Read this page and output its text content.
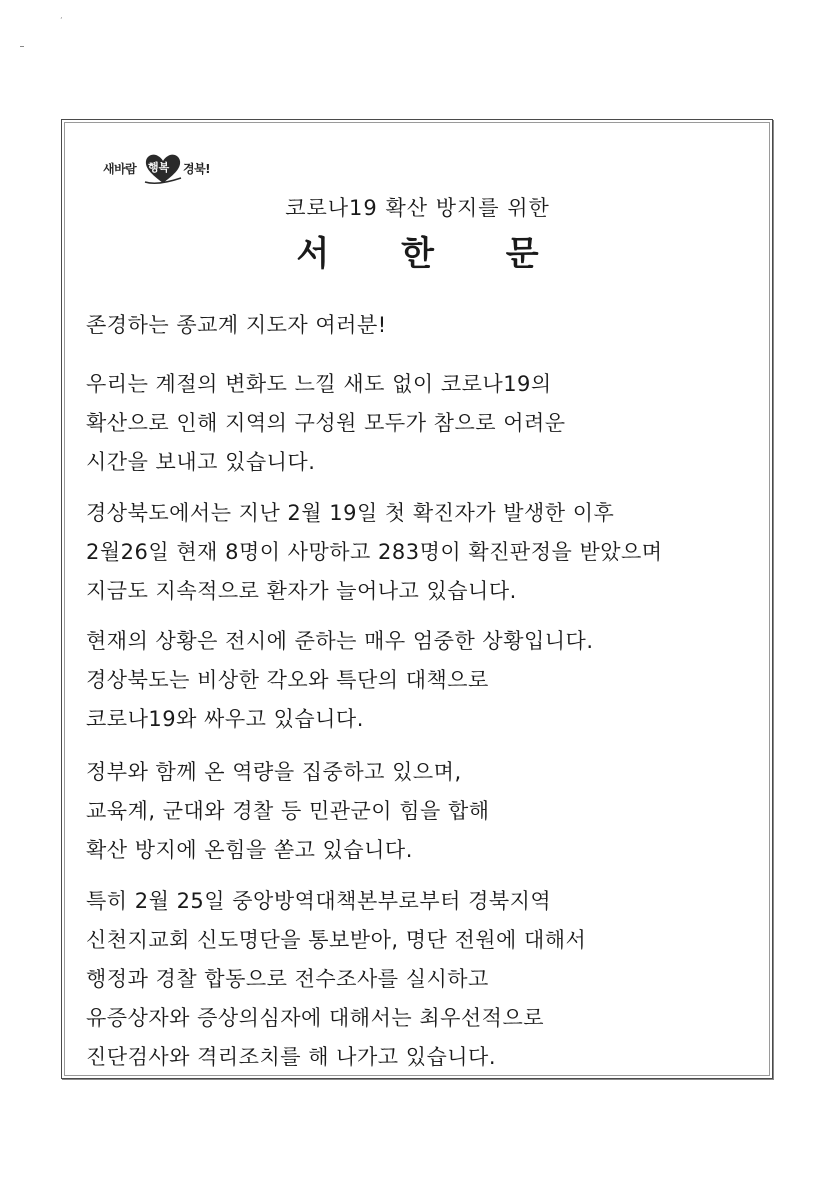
ʼ
새바람 행복 경북!
코로나19 확산 방지를 위한
서 한 문
존경하는 종교계 지도자 여러분!
우리는 계절의 변화도 느낄 새도 없이 코로나19의
확산으로 인해 지역의 구성원 모두가 참으로 어려운
시간을 보내고 있습니다.
경상북도에서는 지난 2월 19일 첫 확진자가 발생한 이후
2월26일 현재 8명이 사망하고 283명이 확진판정을 받았으며
지금도 지속적으로 환자가 늘어나고 있습니다.
현재의 상황은 전시에 준하는 매우 엄중한 상황입니다.
경상북도는 비상한 각오와 특단의 대책으로
코로나19와 싸우고 있습니다.
정부와 함께 온 역량을 집중하고 있으며,
교육계, 군대와 경찰 등 민관군이 힘을 합해
확산 방지에 온힘을 쏟고 있습니다.
특히 2월 25일 중앙방역대책본부로부터 경북지역
신천지교회 신도명단을 통보받아, 명단 전원에 대해서
행정과 경찰 합동으로 전수조사를 실시하고
유증상자와 증상의심자에 대해서는 최우선적으로
진단검사와 격리조치를 해 나가고 있습니다.
